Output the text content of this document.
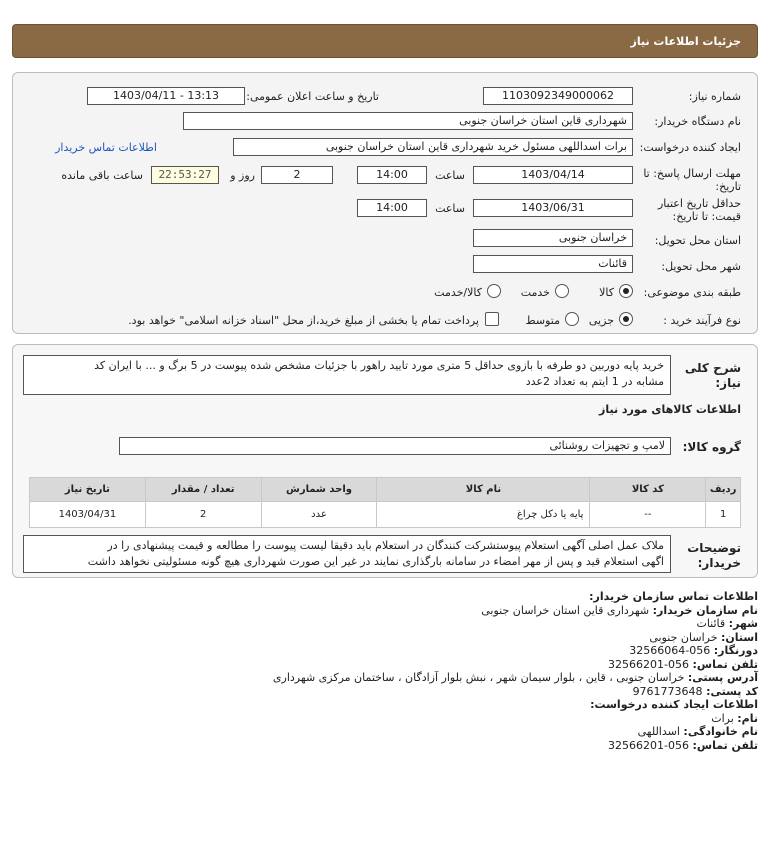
جزئیات اطلاعات نیاز
شماره نیاز:
1103092349000062
تاریخ و ساعت اعلان عمومی:
1403/04/11 - 13:13
نام دستگاه خریدار:
شهرداری قاین استان خراسان جنوبی
ایجاد کننده درخواست:
برات اسداللهی مسئول خرید شهرداری قاین استان خراسان جنوبی
اطلاعات تماس خریدار
مهلت ارسال پاسخ: تا
تاریخ:
1403/04/14
ساعت
14:00
2
روز و
22:53:27
ساعت باقی مانده
حداقل تاریخ اعتبار
قیمت: تا تاریخ:
1403/06/31
ساعت
14:00
استان محل تحویل:
خراسان جنوبی
شهر محل تحویل:
قائنات
طبقه بندی موضوعی:
کالا
خدمت
کالا/خدمت
نوع فرآیند خرید :
جزیی
متوسط
پرداخت تمام یا بخشی از مبلغ خرید،از محل "اسناد خزانه اسلامی" خواهد بود.
شرح کلی
نیاز:
خرید پایه دوربین دو طرفه با بازوی حداقل 5 متری مورد تایید راهور با جزئیات مشخص شده پیوست در 5 برگ و ... با ایران کد
مشابه در 1 ایتم به تعداد 2عدد
اطلاعات کالاهای مورد نیاز
گروه کالا:
لامپ و تجهیزات روشنائی
ردیف	کد کالا	نام کالا	واحد شمارش	تعداد / مقدار	تاریخ نیاز
1	--	پایه یا دکل چراغ	عدد	2	1403/04/31
توضیحات
خریدار:
ملاک عمل اصلی آگهی استعلام پیوستشرکت کنندگان در استعلام باید دقیقا لیست پیوست را مطالعه و قیمت پیشنهادی را در
اگهی استعلام قید و پس از مهر امضاء در سامانه بارگذاری نمایند در غیر این صورت شهرداری هیچ گونه مسئولیتی نخواهد داشت
اطلاعات تماس سازمان خریدار:
نام سازمان خریدار: شهرداری قاین استان خراسان جنوبی
شهر: قائنات
استان: خراسان جنوبی
دورنگار: 056-32566064
تلفن تماس: 056-32566201
آدرس پستی: خراسان جنوبی ، قاین ، بلوار سیمان شهر ، نبش بلوار آزادگان ، ساختمان مرکزی شهرداری
کد پستی: 9761773648
اطلاعات ایجاد کننده درخواست:
نام: برات
نام خانوادگی: اسداللهی
تلفن تماس: 056-32566201
